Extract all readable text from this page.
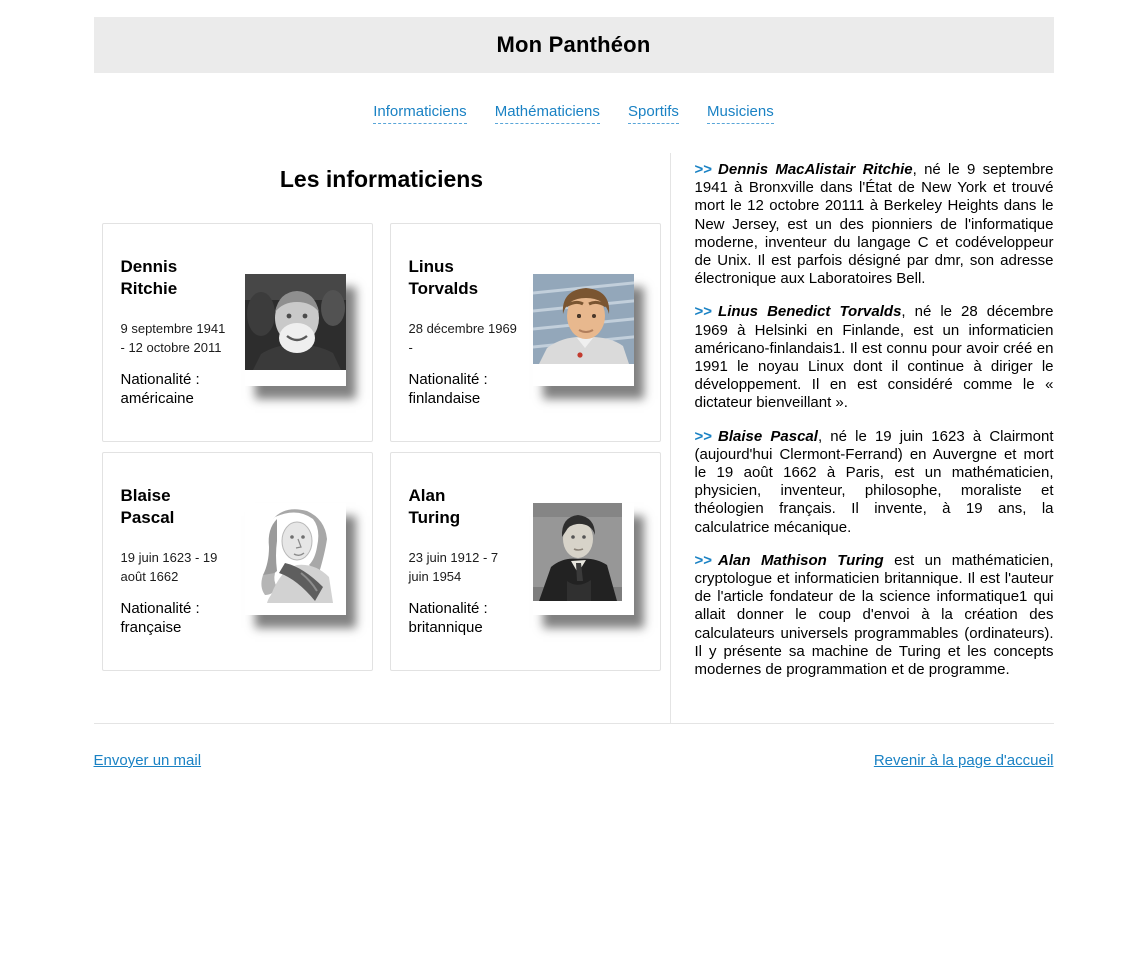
Mon Panthéon
Informaticiens Mathématiciens Sportifs Musiciens
Les informaticiens
Dennis
Ritchie

9 septembre 1941
- 12 octobre 2011

Nationalité : américaine

Linus
Torvalds

28 décembre 1969
-

Nationalité : finlandaise

Blaise
Pascal

19 juin 1623 - 19
août 1662

Nationalité : française

Alan
Turing

23 juin 1912 - 7
juin 1954

Nationalité : britannique

>> Dennis MacAlistair Ritchie, né le 9 septembre 1941 à Bronxville dans l'État de New York et trouvé mort le 12 octobre 20111 à Berkeley Heights dans le New Jersey, est un des pionniers de l'informatique moderne, inventeur du langage C et codéveloppeur de Unix. Il est parfois désigné par dmr, son adresse électronique aux Laboratoires Bell.

>> Linus Benedict Torvalds, né le 28 décembre 1969 à Helsinki en Finlande, est un informaticien américano-finlandais1. Il est connu pour avoir créé en 1991 le noyau Linux dont il continue à diriger le développement. Il en est considéré comme le « dictateur bienveillant ».

>> Blaise Pascal, né le 19 juin 1623 à Clairmont (aujourd'hui Clermont-Ferrand) en Auvergne et mort le 19 août 1662 à Paris, est un mathématicien, physicien, inventeur, philosophe, moraliste et théologien français. Il invente, à 19 ans, la calculatrice mécanique.

>> Alan Mathison Turing est un mathématicien, cryptologue et informaticien britannique. Il est l'auteur de l'article fondateur de la science informatique1 qui allait donner le coup d'envoi à la création des calculateurs universels programmables (ordinateurs). Il y présente sa machine de Turing et les concepts modernes de programmation et de programme.

Envoyer un mail	Revenir à la page d'accueil
